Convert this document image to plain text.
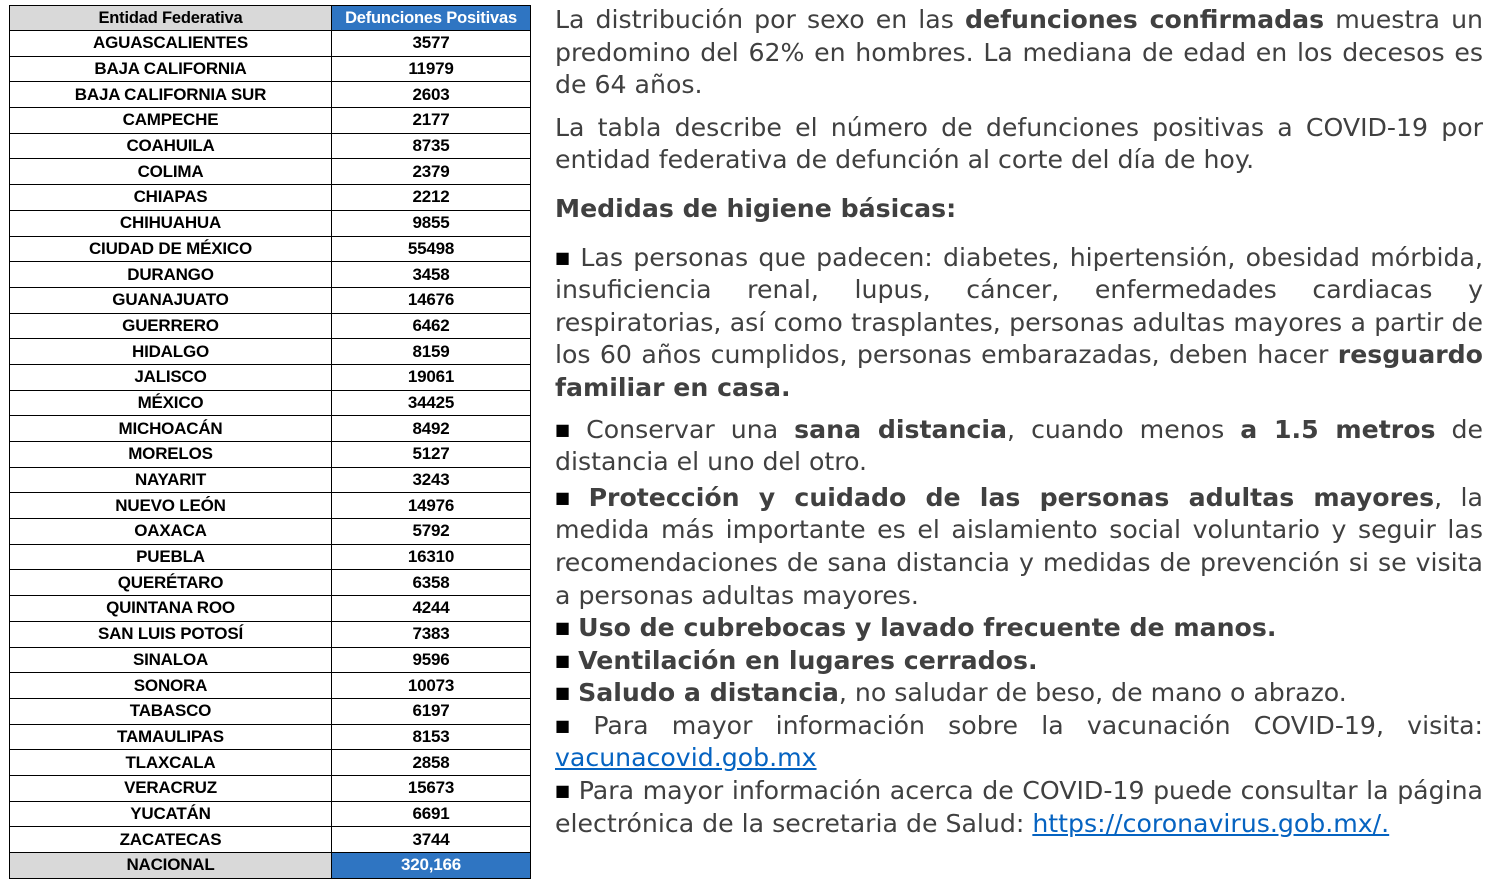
Entidad Federativa	Defunciones Positivas
AGUASCALIENTES	3577
BAJA CALIFORNIA	11979
BAJA CALIFORNIA SUR	2603
CAMPECHE	2177
COAHUILA	8735
COLIMA	2379
CHIAPAS	2212
CHIHUAHUA	9855
CIUDAD DE MÉXICO	55498
DURANGO	3458
GUANAJUATO	14676
GUERRERO	6462
HIDALGO	8159
JALISCO	19061
MÉXICO	34425
MICHOACÁN	8492
MORELOS	5127
NAYARIT	3243
NUEVO LEÓN	14976
OAXACA	5792
PUEBLA	16310
QUERÉTARO	6358
QUINTANA ROO	4244
SAN LUIS POTOSÍ	7383
SINALOA	9596
SONORA	10073
TABASCO	6197
TAMAULIPAS	8153
TLAXCALA	2858
VERACRUZ	15673
YUCATÁN	6691
ZACATECAS	3744
NACIONAL	320,166

La distribución por sexo en las defunciones confirmadas muestra un predomino del 62% en hombres. La mediana de edad en los decesos es de 64 años.

La tabla describe el número de defunciones positivas a COVID-19 por entidad federativa de defunción al corte del día de hoy.

Medidas de higiene básicas:

■ Las personas que padecen: diabetes, hipertensión, obesidad mórbida, insuficiencia renal, lupus, cáncer, enfermedades cardiacas y respiratorias, así como trasplantes, personas adultas mayores a partir de los 60 años cumplidos, personas embarazadas, deben hacer resguardo familiar en casa.

■ Conservar una sana distancia, cuando menos a 1.5 metros de distancia el uno del otro.

■ Protección y cuidado de las personas adultas mayores, la medida más importante es el aislamiento social voluntario y seguir las recomendaciones de sana distancia y medidas de prevención si se visita a personas adultas mayores.

■ Uso de cubrebocas y lavado frecuente de manos.

■ Ventilación en lugares cerrados.

■ Saludo a distancia, no saludar de beso, de mano o abrazo.

■ Para mayor información sobre la vacunación COVID-19, visita: vacunacovid.gob.mx

■ Para mayor información acerca de COVID-19 puede consultar la página electrónica de la secretaria de Salud: https://coronavirus.gob.mx/.
